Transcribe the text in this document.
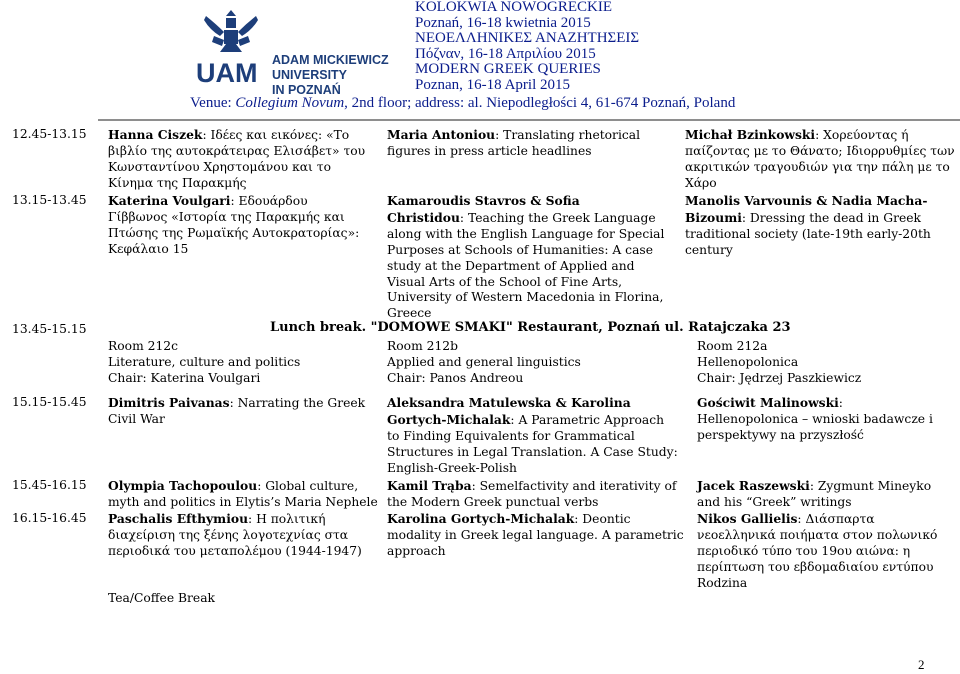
UAM ADAM MICKIEWICZ
UNIVERSITY
IN POZNAŃ
KOLOKWIA NOWOGRECKIE
Poznań, 16-18 kwietnia 2015
ΝΕΟΕΛΛΗΝΙΚΕΣ ΑΝΑΖΗΤΗΣΕΙΣ
Πόζναν, 16-18 Απριλίου 2015
MODERN GREEK QUERIES
Poznan, 16-18 April 2015
Venue: Collegium Novum, 2nd floor; address: al. Niepodległości 4, 61-674 Poznań, Poland
12.45-13.15
13.15-13.45
Hanna Ciszek: Ιδέες και εικόνες: «Το
βιβλίο της αυτοκράτειρας Ελισάβετ» του
Κωνσταντίνου Χρηστομάνου και το
Κίνημα της Παρακμής
Katerina Voulgari: Εδουάρδου
Γίββωνος «Ιστορία της Παρακμής και
Πτώσης της Ρωμαϊκής Αυτοκρατορίας»:
Κεφάλαιο 15
Maria Antoniou: Translating rhetorical
figures in press article headlines
Kamaroudis Stavros & Sofia
Christidou: Teaching the Greek Language
along with the English Language for Special
Purposes at Schools of Humanities: A case
study at the Department of Applied and
Visual Arts of the School of Fine Arts,
University of Western Macedonia in Florina,
Greece
Michał Bzinkowski: Χορεύοντας ή
παίζοντας με το Θάνατο; Ιδιορρυθμίες των
ακριτικών τραγουδιών για την πάλη με το
Χάρο
Manolis Varvounis & Nadia Macha-
Bizoumi: Dressing the dead in Greek
traditional society (late-19th early-20th
century
13.45-15.15	Lunch break. "DOMOWE SMAKI" Restaurant, Poznań ul. Ratajczaka 23
Room 212c
Literature, culture and politics
Chair: Katerina Voulgari
Room 212b
Applied and general linguistics
Chair: Panos Andreou
Room 212a
Hellenopolonica
Chair: Jędrzej Paszkiewicz
15.15-15.45
15.45-16.15
16.15-16.45
Dimitris Paivanas: Narrating the Greek
Civil War
Olympia Tachopoulou: Global culture,
myth and politics in Elytis’s Maria Nephele
Paschalis Efthymiou: Η πολιτική
διαχείριση της ξένης λογοτεχνίας στα
περιοδικά του μεταπολέμου (1944-1947)
Tea/Coffee Break
Aleksandra Matulewska & Karolina
Gortych-Michalak: A Parametric Approach
to Finding Equivalents for Grammatical
Structures in Legal Translation. A Case Study:
English-Greek-Polish
Kamil Trąba: Semelfactivity and iterativity of
the Modern Greek punctual verbs
Karolina Gortych-Michalak: Deontic
modality in Greek legal language. A parametric
approach
Gościwit Malinowski:
Hellenopolonica – wnioski badawcze i
perspektywy na przyszłość
Jacek Raszewski: Zygmunt Mineyko
and his “Greek” writings
Nikos Gallielis: Διάσπαρτα
νεοελληνικά ποιήματα στον πολωνικό
περιοδικό τύπο του 19ου αιώνα: η
περίπτωση του εβδομαδιαίου εντύπου
Rodzina
2
